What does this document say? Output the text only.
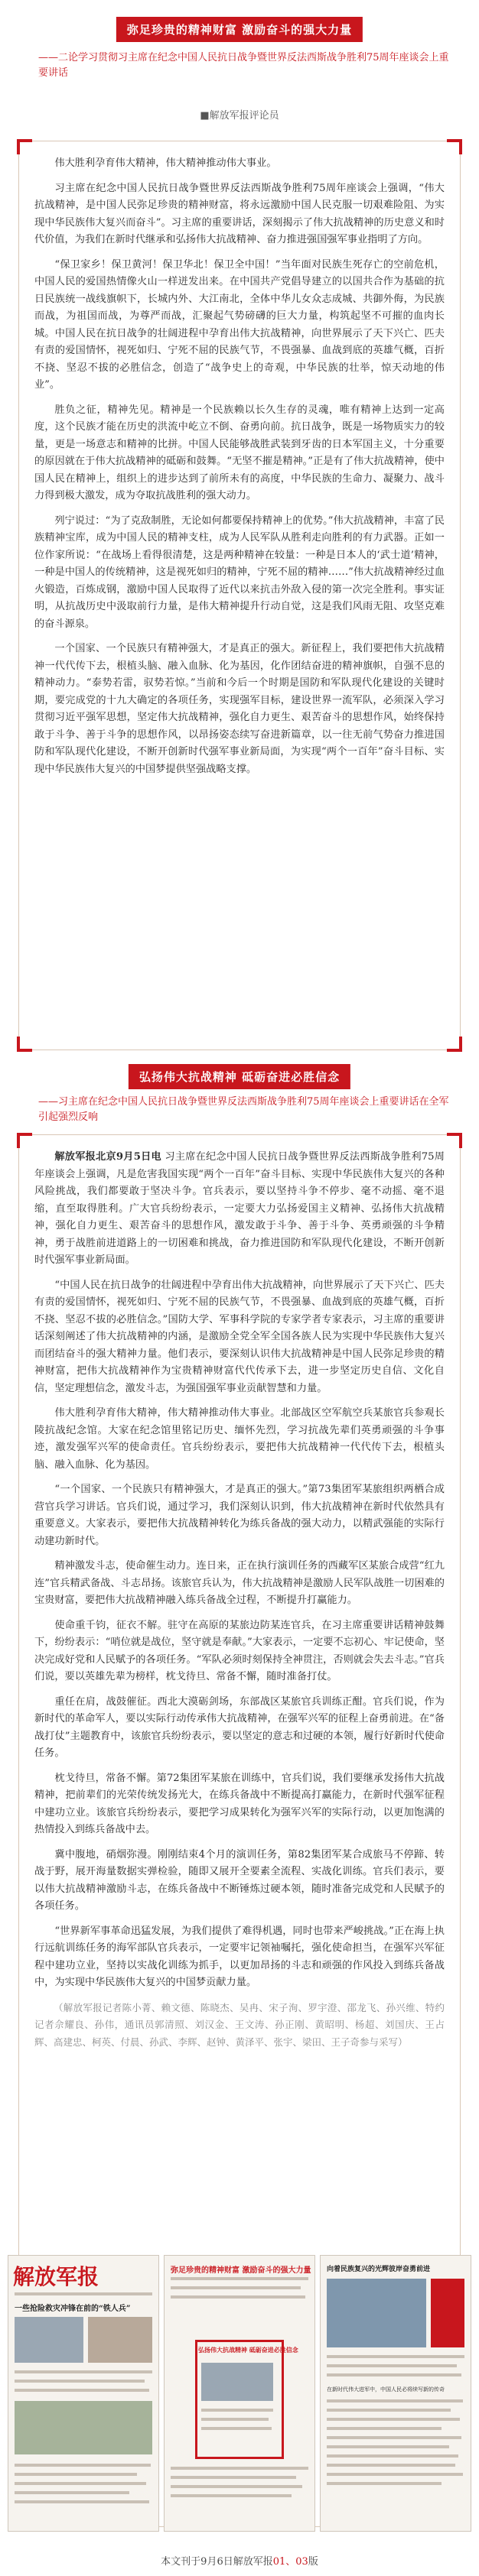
弥足珍贵的精神财富 激励奋斗的强大力量
——二论学习贯彻习主席在纪念中国人民抗日战争暨世界反法西斯战争胜利75周年座谈会上重要讲话
■解放军报评论员

伟大胜利孕育伟大精神，伟大精神推动伟大事业。

习主席在纪念中国人民抗日战争暨世界反法西斯战争胜利75周年座谈会上强调，“伟大抗战精神，是中国人民弥足珍贵的精神财富，将永远激励中国人民克服一切艰难险阻、为实现中华民族伟大复兴而奋斗”。习主席的重要讲话，深刻揭示了伟大抗战精神的历史意义和时代价值，为我们在新时代继承和弘扬伟大抗战精神、奋力推进强国强军事业指明了方向。

“保卫家乡！保卫黄河！保卫华北！保卫全中国！”当年面对民族生死存亡的空前危机，中国人民的爱国热情像火山一样迸发出来。在中国共产党倡导建立的以国共合作为基础的抗日民族统一战线旗帜下，长城内外、大江南北，全体中华儿女众志成城、共御外侮，为民族而战，为祖国而战，为尊严而战，汇聚起气势磅礴的巨大力量，构筑起坚不可摧的血肉长城。中国人民在抗日战争的壮阔进程中孕育出伟大抗战精神，向世界展示了天下兴亡、匹夫有责的爱国情怀，视死如归、宁死不屈的民族气节，不畏强暴、血战到底的英雄气概，百折不挠、坚忍不拔的必胜信念，创造了“战争史上的奇观，中华民族的壮举，惊天动地的伟业”。

胜负之征，精神先见。精神是一个民族赖以长久生存的灵魂，唯有精神上达到一定高度，这个民族才能在历史的洪流中屹立不倒、奋勇向前。抗日战争，既是一场物质实力的较量，更是一场意志和精神的比拼。中国人民能够战胜武装到牙齿的日本军国主义，十分重要的原因就在于伟大抗战精神的砥砺和鼓舞。“无坚不摧是精神。”正是有了伟大抗战精神，使中国人民在精神上，组织上的进步达到了前所未有的高度，中华民族的生命力、凝聚力、战斗力得到极大激发，成为夺取抗战胜利的强大动力。

列宁说过：“为了克敌制胜，无论如何都要保持精神上的优势。”伟大抗战精神，丰富了民族精神宝库，成为中国人民的精神支柱，成为人民军队从胜利走向胜利的有力武器。正如一位作家所说：“在战场上看得很清楚，这是两种精神在较量：一种是日本人的‘武士道’精神，一种是中国人的传统精神，这是视死如归的精神，宁死不屈的精神……”伟大抗战精神经过血火锻造，百炼成钢，激励中国人民取得了近代以来抗击外敌入侵的第一次完全胜利。事实证明，从抗战历史中汲取前行力量，是伟大精神提升行动自觉，这是我们风雨无阻、攻坚克难的奋斗源泉。

一个国家、一个民族只有精神强大，才是真正的强大。新征程上，我们要把伟大抗战精神一代代传下去，根植头脑、融入血脉、化为基因，化作团结奋进的精神旗帜，自强不息的精神动力。“泰势若雷，驭势若惊。”当前和今后一个时期是国防和军队现代化建设的关键时期，要完成党的十九大确定的各项任务，实现强军目标，建设世界一流军队，必须深入学习贯彻习近平强军思想，坚定伟大抗战精神，强化自力更生、艰苦奋斗的思想作风，始终保持敢于斗争、善于斗争的思想作风，以昂扬姿态续写奋进新篇章，以一往无前气势奋力推进国防和军队现代化建设，不断开创新时代强军事业新局面，为实现“两个一百年”奋斗目标、实现中华民族伟大复兴的中国梦提供坚强战略支撑。

弘扬伟大抗战精神 砥砺奋进必胜信念
——习主席在纪念中国人民抗日战争暨世界反法西斯战争胜利75周年座谈会上重要讲话在全军引起强烈反响

解放军报北京9月5日电 习主席在纪念中国人民抗日战争暨世界反法西斯战争胜利75周年座谈会上强调，凡是危害我国实现“两个一百年”奋斗目标、实现中华民族伟大复兴的各种风险挑战，我们都要敢于坚决斗争。官兵表示，要以坚持斗争不停步、毫不动摇、毫不退缩，直至取得胜利。广大官兵纷纷表示，一定要大力弘扬爱国主义精神、弘扬伟大抗战精神，强化自力更生、艰苦奋斗的思想作风，激发敢于斗争、善于斗争、英勇顽强的斗争精神，勇于战胜前进道路上的一切困难和挑战，奋力推进国防和军队现代化建设，不断开创新时代强军事业新局面。

“中国人民在抗日战争的壮阔进程中孕育出伟大抗战精神，向世界展示了天下兴亡、匹夫有责的爱国情怀，视死如归、宁死不屈的民族气节，不畏强暴、血战到底的英雄气概，百折不挠、坚忍不拔的必胜信念。”国防大学、军事科学院的专家学者专家表示，习主席的重要讲话深刻阐述了伟大抗战精神的内涵，是激励全党全军全国各族人民为实现中华民族伟大复兴而团结奋斗的强大精神力量。他们表示，要深刻认识伟大抗战精神是中国人民弥足珍贵的精神财富，把伟大抗战精神作为宝贵精神财富代代传承下去，进一步坚定历史自信、文化自信，坚定理想信念，激发斗志，为强国强军事业贡献智慧和力量。

伟大胜利孕育伟大精神，伟大精神推动伟大事业。北部战区空军航空兵某旅官兵参观长陵抗战纪念馆。大家在纪念馆里铭记历史、缅怀先烈，学习抗战先辈们英勇顽强的斗争事迹，激发强军兴军的使命责任。官兵纷纷表示，要把伟大抗战精神一代代传下去，根植头脑、融入血脉、化为基因。

“一个国家、一个民族只有精神强大，才是真正的强大。”第73集团军某旅组织两栖合成营官兵学习讲话。官兵们说，通过学习，我们深刻认识到，伟大抗战精神在新时代依然具有重要意义。大家表示，要把伟大抗战精神转化为练兵备战的强大动力，以精武强能的实际行动建功新时代。

精神激发斗志，使命催生动力。连日来，正在执行演训任务的西藏军区某旅合成营“红九连”官兵精武备战、斗志昂扬。该旅官兵认为，伟大抗战精神是激励人民军队战胜一切困难的宝贵财富，要把伟大抗战精神融入练兵备战全过程，不断提升打赢能力。

使命重千钧，征衣不解。驻守在高原的某旅边防某连官兵，在习主席重要讲话精神鼓舞下，纷纷表示：“哨位就是战位，坚守就是奉献。”大家表示，一定要不忘初心、牢记使命，坚决完成好党和人民赋予的各项任务。“军队必须时刻保持全神贯注，否则就会失去斗志。”官兵们说，要以英雄先辈为榜样，枕戈待旦、常备不懈，随时准备打仗。

重任在肩，战鼓催征。西北大漠砺剑场，东部战区某旅官兵训练正酣。官兵们说，作为新时代的革命军人，要以实际行动传承伟大抗战精神，在强军兴军的征程上奋勇前进。在“备战打仗”主题教育中，该旅官兵纷纷表示，要以坚定的意志和过硬的本领，履行好新时代使命任务。

枕戈待旦，常备不懈。第72集团军某旅在训练中，官兵们说，我们要继承发扬伟大抗战精神，把前辈们的光荣传统发扬光大，在练兵备战中不断提高打赢能力，在新时代强军征程中建功立业。该旅官兵纷纷表示，要把学习成果转化为强军兴军的实际行动，以更加饱满的热情投入到练兵备战中去。

冀中腹地，硝烟弥漫。刚刚结束4个月的演训任务，第82集团军某合成旅马不停蹄、转战于野，展开海量数据实弹检验，随即又展开全要素全流程、实战化训练。官兵们表示，要以伟大抗战精神激励斗志，在练兵备战中不断锤炼过硬本领，随时准备完成党和人民赋予的各项任务。

“世界新军事革命迅猛发展，为我们提供了难得机遇，同时也带来严峻挑战。”正在海上执行远航训练任务的海军部队官兵表示，一定要牢记领袖嘱托，强化使命担当，在强军兴军征程中建功立业，坚持以实战化训练为抓手，以更加昂扬的斗志和顽强的作风投入到练兵备战中，为实现中华民族伟大复兴的中国梦贡献力量。

（解放军报记者陈小菁、赖文德、陈晓杰、吴冉、宋子洵、罗宇澄、邵龙飞、孙兴维、特约记者佘耀良、孙伟，通讯员郭清照、刘汉金、王文涛、孙正刚、黄昭明、杨超、刘国庆、王占辉、高建忠、柯英、付晨、孙武、李辉、赵钟、黄泽平、张宇、梁田、王子奇参与采写）

解放军报
一些抢险救灾冲锋在前的“铁人兵”
弥足珍贵的精神财富 激励奋斗的强大力量
弘扬伟大抗战精神 砥砺奋进必胜信念
向着民族复兴的光辉彼岸奋勇前进
在新时代伟大进军中，中国人民必将续写新的传奇
本文刊于9月6日解放军报01、03版
